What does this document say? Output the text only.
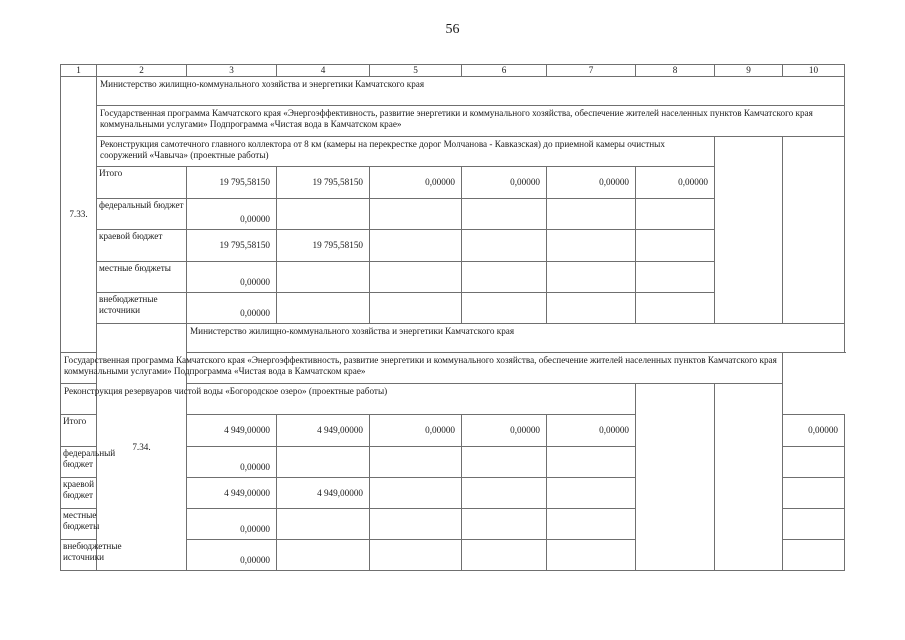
56
1	2	3	4	5	6	7	8	9	10
7.33.	Министерство жилищно-коммунального хозяйства и энергетики Камчатского края								
	Государственная программа Камчатского края «Энергоэффективность, развитие энергетики и коммунального хозяйства, обеспечение жителей населенных пунктов Камчатского края коммунальными услугами» Подпрограмма «Чистая вода в Камчатском крае»								
	Реконструкция самотечного главного коллектора от 8 км (камеры на перекрестке дорог Молчанова - Кавказская) до приемной камеры очистных сооружений «Чавыча» (проектные работы)								
	Итого	19 795,58150	19 795,58150	0,00000	0,00000	0,00000	0,00000		
	федеральный бюджет	0,00000							
	краевой бюджет	19 795,58150	19 795,58150						
	местные бюджеты	0,00000							
	внебюджетные источники	0,00000							
	7.34.	Министерство жилищно-коммунального хозяйства и энергетики Камчатского края							
Государственная программа Камчатского края «Энергоэффективность, развитие энергетики и коммунального хозяйства, обеспечение жителей населенных пунктов Камчатского края коммунальными услугами» Подпрограмма «Чистая вода в Камчатском крае»									
Реконструкция резервуаров чистой воды «Богородское озеро» (проектные работы)									
Итого		4 949,00000	4 949,00000	0,00000	0,00000	0,00000			0,00000
федеральный бюджет		0,00000							
краевой бюджет		4 949,00000	4 949,00000						
местные бюджеты		0,00000							
внебюджетные источники		0,00000							
